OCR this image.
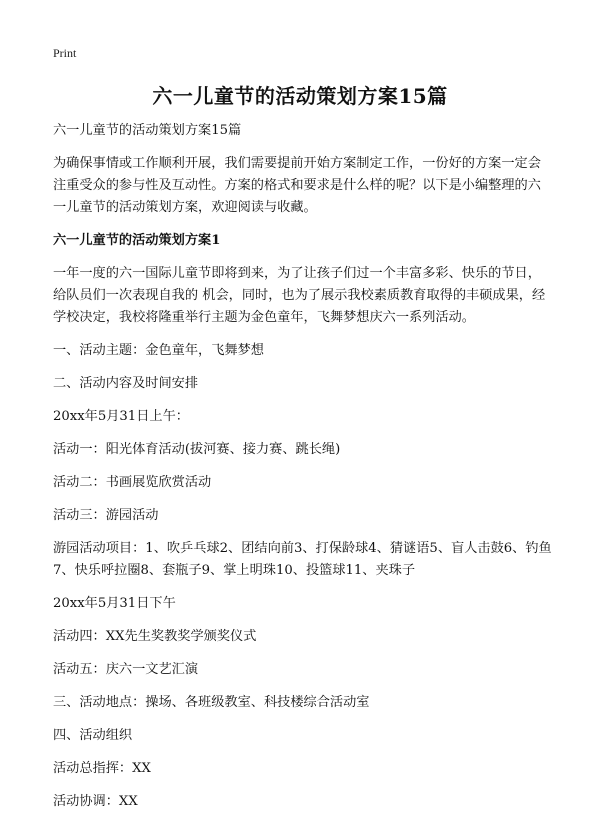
Print
六一儿童节的活动策划方案15篇

六一儿童节的活动策划方案15篇

为确保事情或工作顺利开展，我们需要提前开始方案制定工作，一份好的方案一定会注重受众的参与性及互动性。方案的格式和要求是什么样的呢？以下是小编整理的六一儿童节的活动策划方案，欢迎阅读与收藏。

六一儿童节的活动策划方案1

一年一度的六一国际儿童节即将到来，为了让孩子们过一个丰富多彩、快乐的节日，给队员们一次表现自我的 机会，同时，也为了展示我校素质教育取得的丰硕成果，经学校决定，我校将隆重举行主题为金色童年，飞舞梦想庆六一系列活动。

一、活动主题：金色童年，飞舞梦想

二、活动内容及时间安排

20xx年5月31日上午：

活动一：阳光体育活动(拔河赛、接力赛、跳长绳)

活动二：书画展览欣赏活动

活动三：游园活动

游园活动项目：1、吹乒乓球2、团结向前3、打保龄球4、猜谜语5、盲人击鼓6、钓鱼7、快乐呼拉圈8、套瓶子9、掌上明珠10、投篮球11、夹珠子

20xx年5月31日下午

活动四：XX先生奖教奖学颁奖仪式

活动五：庆六一文艺汇演

三、活动地点：操场、各班级教室、科技楼综合活动室

四、活动组织

活动总指挥：XX

活动协调：XX
